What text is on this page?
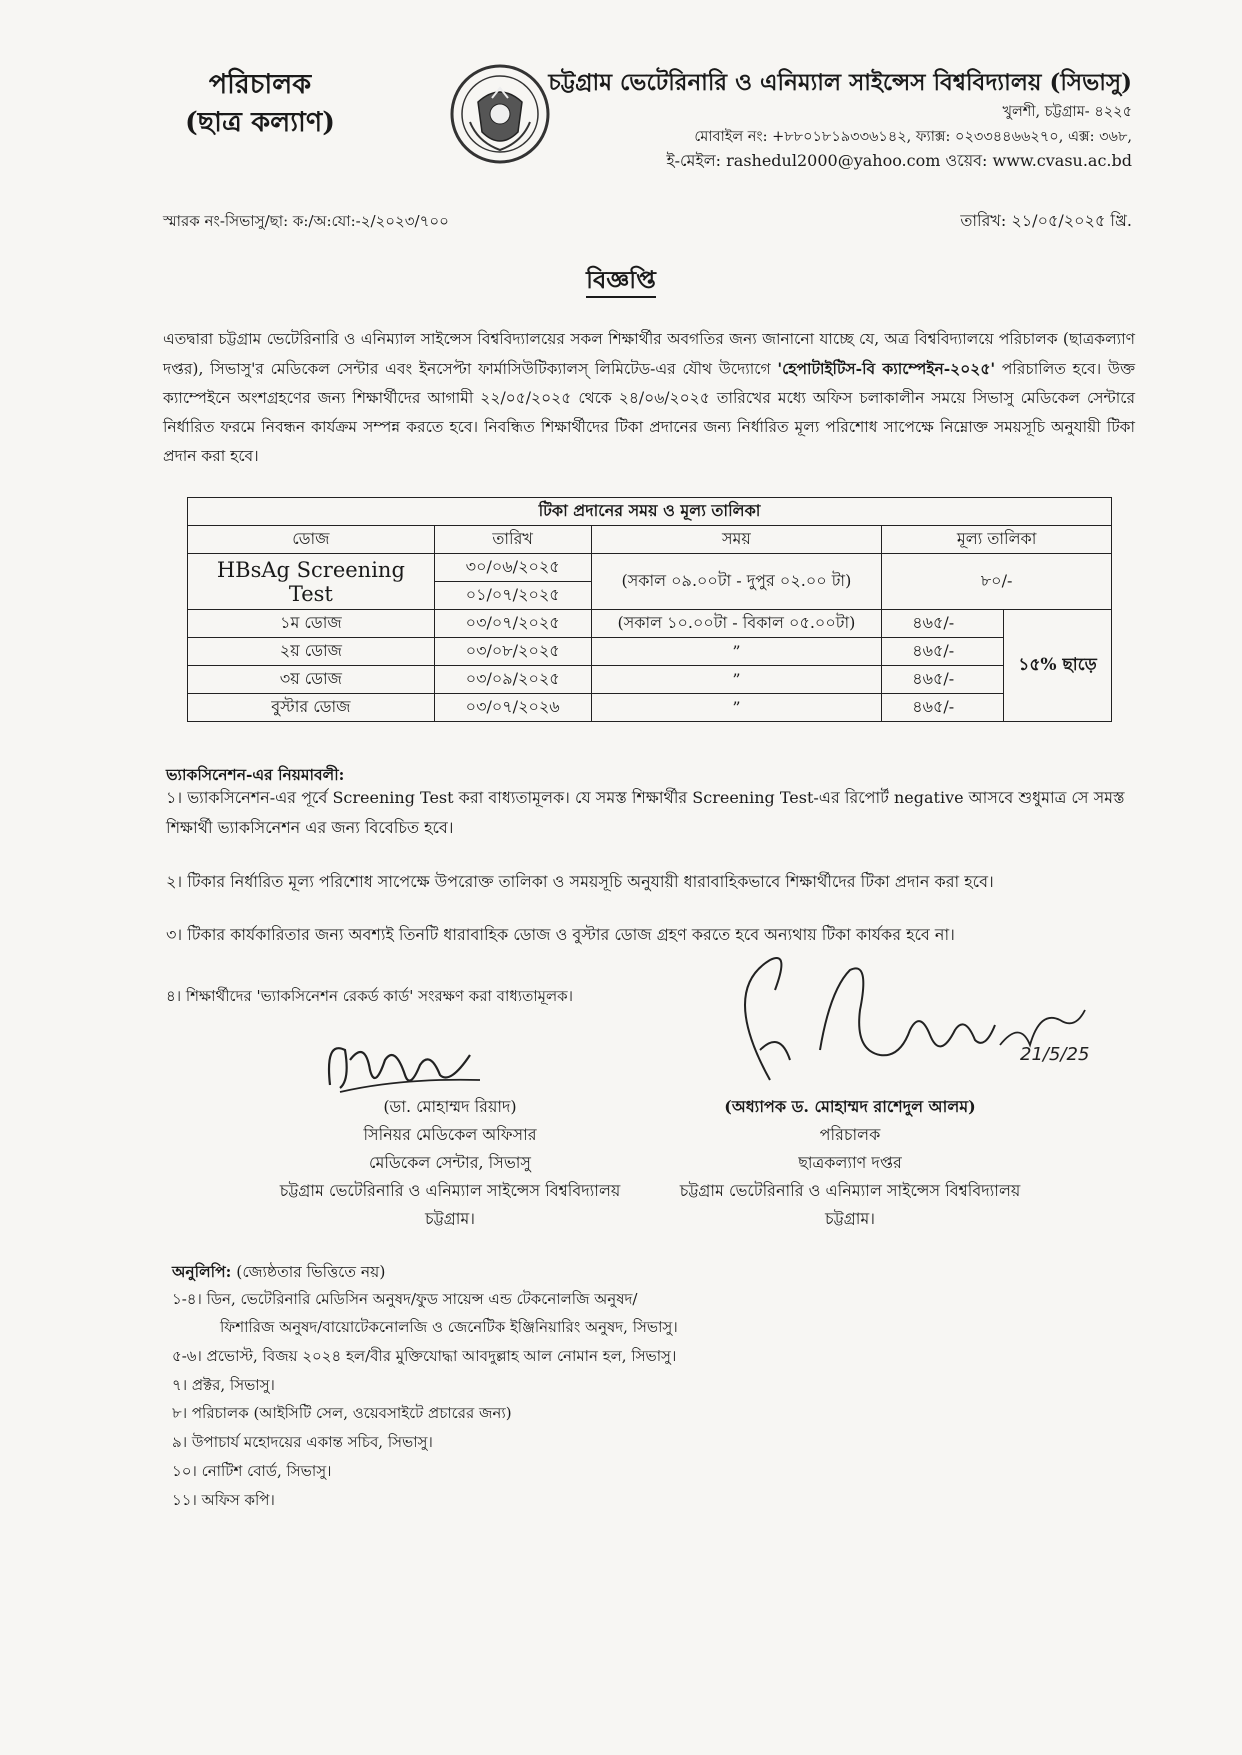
পরিচালক
(ছাত্র কল্যাণ)
চট্টগ্রাম ভেটেরিনারি ও এনিম্যাল সাইন্সেস বিশ্ববিদ্যালয় (সিভাসু)
খুলশী, চট্টগ্রাম- ৪২২৫
মোবাইল নং: +৮৮০১৮১৯৩৩৬১৪২, ফ্যাক্স: ০২৩৩৪৪৬৬২৭০, এক্স: ৩৬৮,
ই-মেইল: rashedul2000@yahoo.com ওয়েব: www.cvasu.ac.bd
স্মারক নং-সিভাসু/ছা: ক:/অ:যো:-২/২০২৩/৭০০	তারিখ: ২১/০৫/২০২৫ খ্রি.
বিজ্ঞপ্তি
এতদ্বারা চট্টগ্রাম ভেটেরিনারি ও এনিম্যাল সাইন্সেস বিশ্ববিদ্যালয়ের সকল শিক্ষার্থীর অবগতির জন্য জানানো যাচ্ছে যে, অত্র বিশ্ববিদ্যালয়ে পরিচালক (ছাত্রকল্যাণ দপ্তর), সিভাসু'র মেডিকেল সেন্টার এবং ইনসেপ্টা ফার্মাসিউটিক্যালস্ লিমিটেড-এর যৌথ উদ্যোগে 'হেপাটাইটিস-বি ক্যাম্পেইন-২০২৫' পরিচালিত হবে। উক্ত ক্যাম্পেইনে অংশগ্রহণের জন্য শিক্ষার্থীদের আগামী ২২/০৫/২০২৫ থেকে ২৪/০৬/২০২৫ তারিখের মধ্যে অফিস চলাকালীন সময়ে সিভাসু মেডিকেল সেন্টারে নির্ধারিত ফরমে নিবন্ধন কার্যক্রম সম্পন্ন করতে হবে। নিবন্ধিত শিক্ষার্থীদের টিকা প্রদানের জন্য নির্ধারিত মূল্য পরিশোধ সাপেক্ষে নিম্নোক্ত সময়সূচি অনুযায়ী টিকা প্রদান করা হবে।
টিকা প্রদানের সময় ও মূল্য তালিকা				
ডোজ	তারিখ	সময়	মূল্য তালিকা	
HBsAg Screening Test	৩০/০৬/২০২৫	(সকাল ০৯.০০টা - দুপুর ০২.০০ টা)	৮০/-	
	০১/০৭/২০২৫			
১ম ডোজ	০৩/০৭/২০২৫	(সকাল ১০.০০টা - বিকাল ০৫.০০টা)	৪৬৫/-	১৫% ছাড়ে
২য় ডোজ	০৩/০৮/২০২৫	”	৪৬৫/-	
৩য় ডোজ	০৩/০৯/২০২৫	”	৪৬৫/-	
বুস্টার ডোজ	০৩/০৭/২০২৬	”	৪৬৫/-	
ভ্যাকসিনেশন-এর নিয়মাবলী:
১। ভ্যাকসিনেশন-এর পূর্বে Screening Test করা বাধ্যতামূলক। যে সমস্ত শিক্ষার্থীর Screening Test-এর রিপোর্ট negative আসবে শুধুমাত্র সে সমস্ত শিক্ষার্থী ভ্যাকসিনেশন এর জন্য বিবেচিত হবে।
২। টিকার নির্ধারিত মূল্য পরিশোধ সাপেক্ষে উপরোক্ত তালিকা ও সময়সূচি অনুযায়ী ধারাবাহিকভাবে শিক্ষার্থীদের টিকা প্রদান করা হবে।
৩। টিকার কার্যকারিতার জন্য অবশ্যই তিনটি ধারাবাহিক ডোজ ও বুস্টার ডোজ গ্রহণ করতে হবে অন্যথায় টিকা কার্যকর হবে না।
৪। শিক্ষার্থীদের 'ভ্যাকসিনেশন রেকর্ড কার্ড' সংরক্ষণ করা বাধ্যতামূলক।
21/5/25
(ডা. মোহাম্মদ রিয়াদ)
সিনিয়র মেডিকেল অফিসার
মেডিকেল সেন্টার, সিভাসু
চট্টগ্রাম ভেটেরিনারি ও এনিম্যাল সাইন্সেস বিশ্ববিদ্যালয়
চট্টগ্রাম।
(অধ্যাপক ড. মোহাম্মদ রাশেদুল আলম)
পরিচালক
ছাত্রকল্যাণ দপ্তর
চট্টগ্রাম ভেটেরিনারি ও এনিম্যাল সাইন্সেস বিশ্ববিদ্যালয়
চট্টগ্রাম।
অনুলিপি: (জ্যেষ্ঠতার ভিত্তিতে নয়)
১-৪। ডিন, ভেটেরিনারি মেডিসিন অনুষদ/ফুড সায়েন্স এন্ড টেকনোলজি অনুষদ/
ফিশারিজ অনুষদ/বায়োটেকনোলজি ও জেনেটিক ইঞ্জিনিয়ারিং অনুষদ, সিভাসু।
৫-৬। প্রভোস্ট, বিজয় ২০২৪ হল/বীর মুক্তিযোদ্ধা আবদুল্লাহ আল নোমান হল, সিভাসু।
৭। প্রক্টর, সিভাসু।
৮। পরিচালক (আইসিটি সেল, ওয়েবসাইটে প্রচারের জন্য)
৯। উপাচার্য মহোদয়ের একান্ত সচিব, সিভাসু।
১০। নোটিশ বোর্ড, সিভাসু।
১১। অফিস কপি।
